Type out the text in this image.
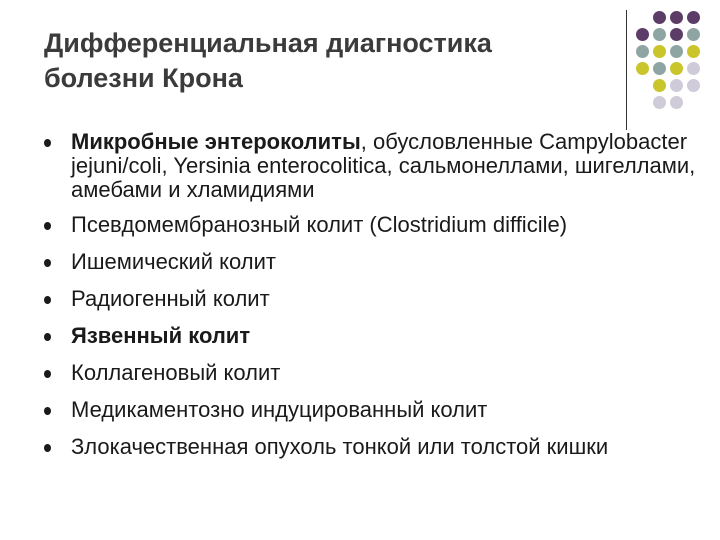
Дифференциальная диагностика
болезни Крона
Микробные энтероколиты, обусловленные Campylobacter jejuni/coli, Yersinia enterocolitica, сальмонеллами, шигеллами, амебами и хламидиями
Псевдомембранозный колит (Clostridium difficile)
Ишемический колит
Радиогенный колит
Язвенный колит
Коллагеновый колит
Медикаментозно индуцированный колит
Злокачественная опухоль тонкой или толстой кишки
